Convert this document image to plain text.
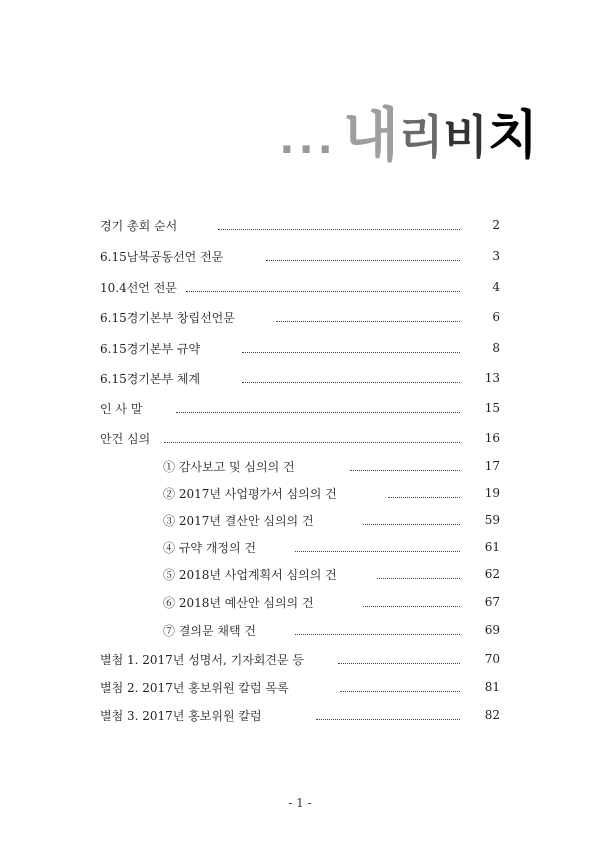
... 내 리 비 치
경기 총회 순서	2
6.15남북공동선언 전문	3
10.4선언 전문	4
6.15경기본부 창립선언문	6
6.15경기본부 규약	8
6.15경기본부 체계	13
인 사 말	15
안건 심의	16
① 감사보고 및 심의의 건	17
② 2017년 사업평가서 심의의 건	19
③ 2017년 결산안 심의의 건	59
④ 규약 개정의 건	61
⑤ 2018년 사업계획서 심의의 건	62
⑥ 2018년 예산안 심의의 건	67
⑦ 결의문 채택 건	69
별첨 1. 2017년 성명서, 기자회견문 등	70
별첨 2. 2017년 홍보위원 칼럼 목록	81
별첨 3. 2017년 홍보위원 칼럼	82
- 1 -
